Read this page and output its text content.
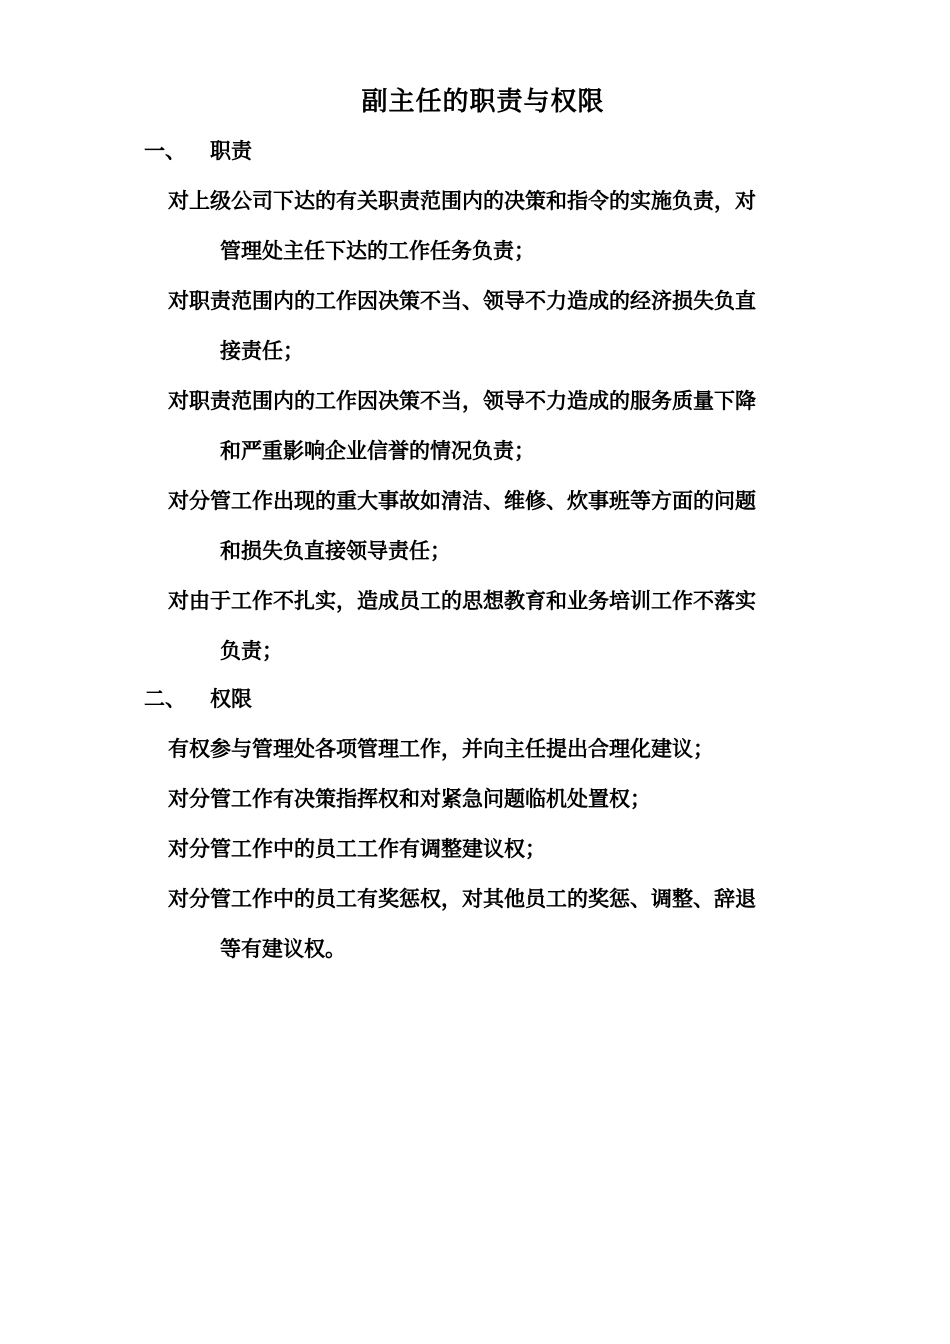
副主任的职责与权限
一、 职责
对上级公司下达的有关职责范围内的决策和指令的实施负责，对
管理处主任下达的工作任务负责；
对职责范围内的工作因决策不当、领导不力造成的经济损失负直
接责任；
对职责范围内的工作因决策不当，领导不力造成的服务质量下降
和严重影响企业信誉的情况负责；
对分管工作出现的重大事故如清洁、维修、炊事班等方面的问题
和损失负直接领导责任；
对由于工作不扎实，造成员工的思想教育和业务培训工作不落实
负责；
二、 权限
有权参与管理处各项管理工作，并向主任提出合理化建议；
对分管工作有决策指挥权和对紧急问题临机处置权；
对分管工作中的员工工作有调整建议权；
对分管工作中的员工有奖惩权，对其他员工的奖惩、调整、辞退
等有建议权。
